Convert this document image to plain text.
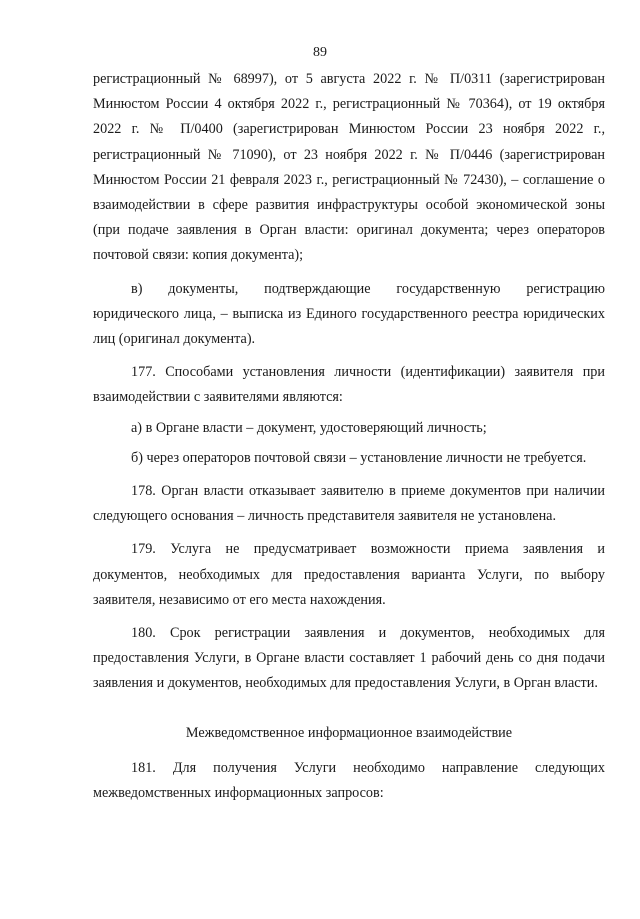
89

регистрационный № 68997), от 5 августа 2022 г. № П/0311 (зарегистрирован Минюстом России 4 октября 2022 г., регистрационный № 70364), от 19 октября 2022 г. № П/0400 (зарегистрирован Минюстом России 23 ноября 2022 г., регистрационный № 71090), от 23 ноября 2022 г. № П/0446 (зарегистрирован Минюстом России 21 февраля 2023 г., регистрационный № 72430), – соглашение о взаимодействии в сфере развития инфраструктуры особой экономической зоны (при подаче заявления в Орган власти: оригинал документа; через операторов почтовой связи: копия документа);

в) документы, подтверждающие государственную регистрацию юридического лица, – выписка из Единого государственного реестра юридических лиц (оригинал документа).

177. Способами установления личности (идентификации) заявителя при взаимодействии с заявителями являются:

а) в Органе власти – документ, удостоверяющий личность;

б) через операторов почтовой связи – установление личности не требуется.

178. Орган власти отказывает заявителю в приеме документов при наличии следующего основания – личность представителя заявителя не установлена.

179. Услуга не предусматривает возможности приема заявления и документов, необходимых для предоставления варианта Услуги, по выбору заявителя, независимо от его места нахождения.

180. Срок регистрации заявления и документов, необходимых для предоставления Услуги, в Органе власти составляет 1 рабочий день со дня подачи заявления и документов, необходимых для предоставления Услуги, в Орган власти.

Межведомственное информационное взаимодействие

181. Для получения Услуги необходимо направление следующих межведомственных информационных запросов:
